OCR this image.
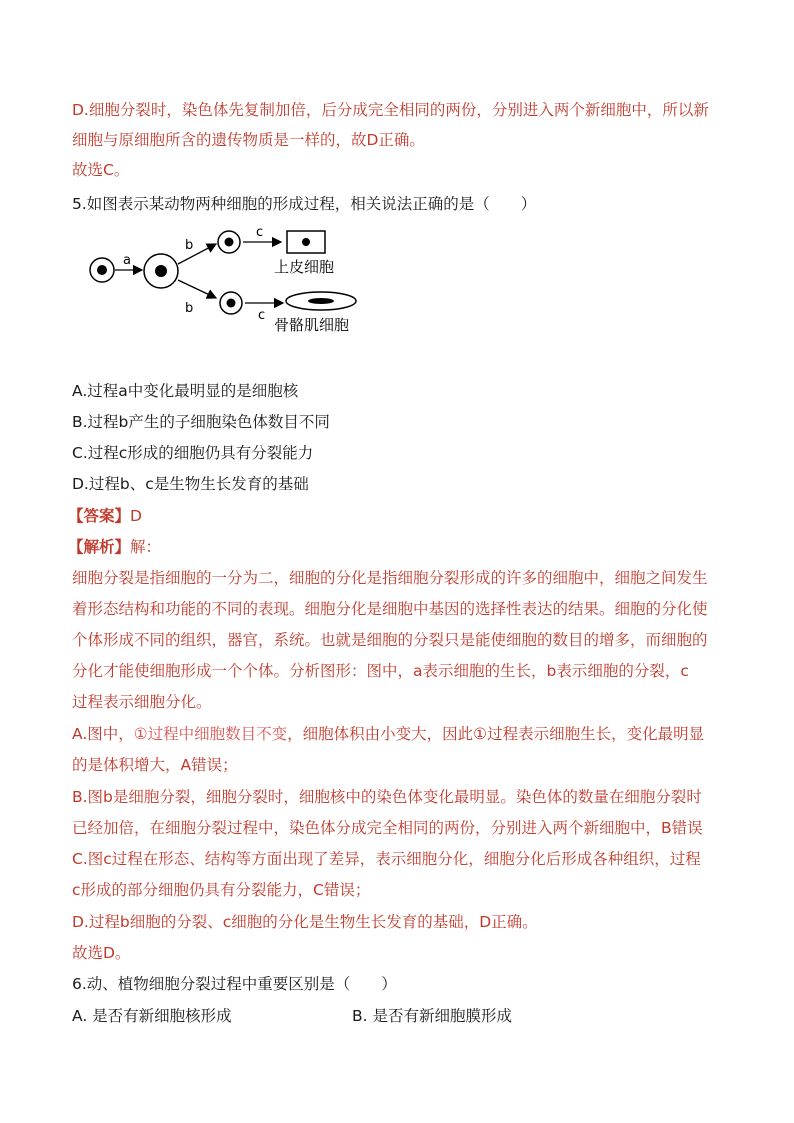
D.细胞分裂时，染色体先复制加倍，后分成完全相同的两份，分别进入两个新细胞中，所以新
细胞与原细胞所含的遗传物质是一样的，故D正确。
故选C。
5.如图表示某动物两种细胞的形成过程，相关说法正确的是（　　）
a
b
b
c
c
上皮细胞
骨骼肌细胞
A.过程a中变化最明显的是细胞核
B.过程b产生的子细胞染色体数目不同
C.过程c形成的细胞仍具有分裂能力
D.过程b、c是生物生长发育的基础
【答案】D
【解析】解：
细胞分裂是指细胞的一分为二，细胞的分化是指细胞分裂形成的许多的细胞中，细胞之间发生
着形态结构和功能的不同的表现。细胞分化是细胞中基因的选择性表达的结果。细胞的分化使
个体形成不同的组织，器官，系统。也就是细胞的分裂只是能使细胞的数目的增多，而细胞的
分化才能使细胞形成一个个体。分析图形：图中，a表示细胞的生长，b表示细胞的分裂，c
过程表示细胞分化。
A.图中，①过程中细胞数目不变，细胞体积由小变大，因此①过程表示细胞生长，变化最明显
的是体积增大，A错误；
B.图b是细胞分裂，细胞分裂时，细胞核中的染色体变化最明显。染色体的数量在细胞分裂时
已经加倍，在细胞分裂过程中，染色体分成完全相同的两份，分别进入两个新细胞中，B错误
C.图c过程在形态、结构等方面出现了差异，表示细胞分化，细胞分化后形成各种组织，过程
c形成的部分细胞仍具有分裂能力，C错误；
D.过程b细胞的分裂、c细胞的分化是生物生长发育的基础，D正确。
故选D。
6.动、植物细胞分裂过程中重要区别是（　　）
A. 是否有新细胞核形成	B. 是否有新细胞膜形成
